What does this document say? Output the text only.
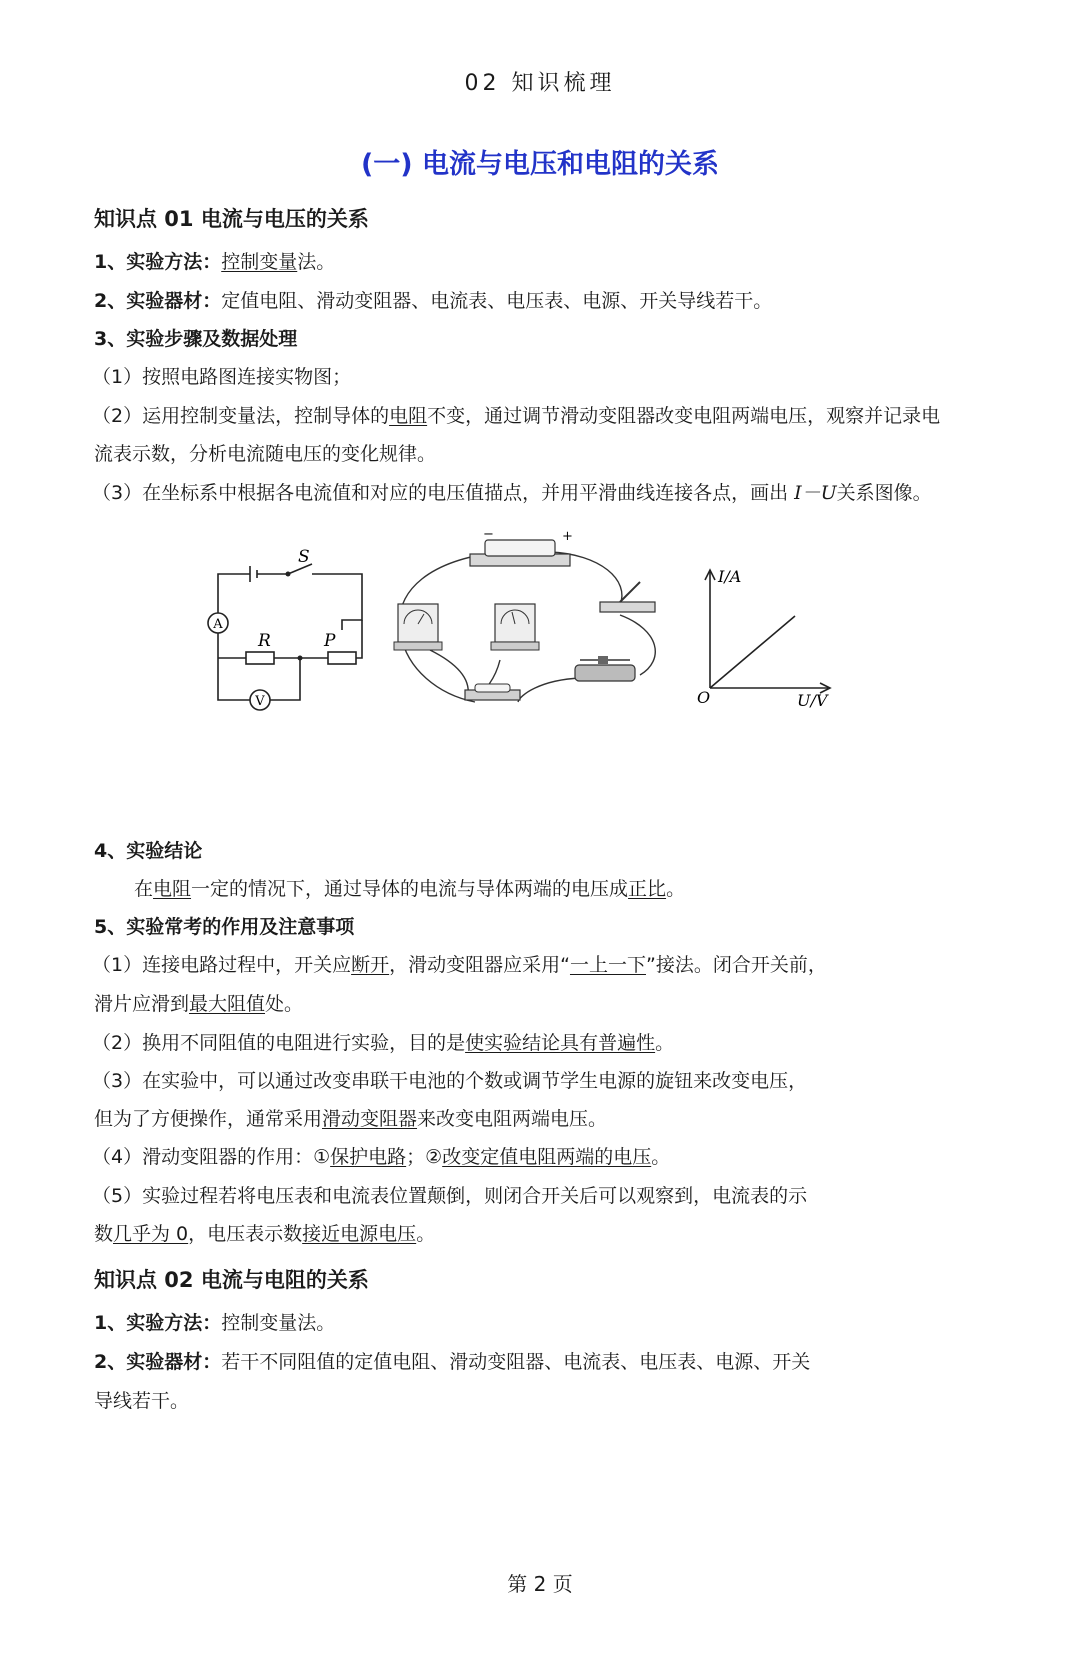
02 知识梳理
(一) 电流与电压和电阻的关系
知识点 01 电流与电压的关系
1、实验方法：控制变量法。
2、实验器材：定值电阻、滑动变阻器、电流表、电压表、电源、开关导线若干。
3、实验步骤及数据处理
（1）按照电路图连接实物图；
（2）运用控制变量法，控制导体的电阻不变，通过调节滑动变阻器改变电阻两端电压，观察并记录电
流表示数，分析电流随电压的变化规律。
（3）在坐标系中根据各电流值和对应的电压值描点，并用平滑曲线连接各点，画出 I－U关系图像。
A
V
S
R	P
−	+
I/A
U/V
O
4、实验结论
在电阻一定的情况下，通过导体的电流与导体两端的电压成正比。
5、实验常考的作用及注意事项
（1）连接电路过程中，开关应断开，滑动变阻器应采用“一上一下”接法。闭合开关前，
滑片应滑到最大阻值处。
（2）换用不同阻值的电阻进行实验，目的是使实验结论具有普遍性。
（3）在实验中，可以通过改变串联干电池的个数或调节学生电源的旋钮来改变电压，
但为了方便操作，通常采用滑动变阻器来改变电阻两端电压。
（4）滑动变阻器的作用：①保护电路；②改变定值电阻两端的电压。
（5）实验过程若将电压表和电流表位置颠倒，则闭合开关后可以观察到，电流表的示
数几乎为 0，电压表示数接近电源电压。
知识点 02 电流与电阻的关系
1、实验方法：控制变量法。
2、实验器材：若干不同阻值的定值电阻、滑动变阻器、电流表、电压表、电源、开关
导线若干。
第 2 页
